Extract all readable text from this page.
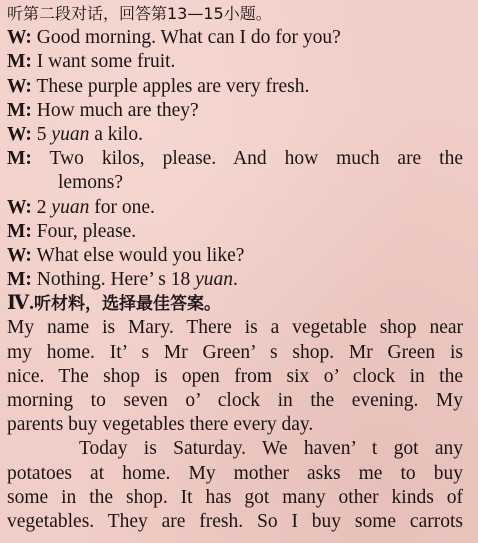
听第二段对话，回答第13—15小题。
W: Good morning. What can I do for you?
M: I want some fruit.
W: These purple apples are very fresh.
M: How much are they?
W: 5 yuan a kilo.
M: Two kilos, please. And how much are the
lemons?
W: 2 yuan for one.
M: Four, please.
W: What else would you like?
M: Nothing. Here’ s 18 yuan.
Ⅳ.听材料，选择最佳答案。
My name is Mary. There is a vegetable shop near
my home. It’ s Mr Green’ s shop. Mr Green is
nice. The shop is open from six o’ clock in the
morning to seven o’ clock in the evening. My
parents buy vegetables there every day.
Today is Saturday. We haven’ t got any
potatoes at home. My mother asks me to buy
some in the shop. It has got many other kinds of
vegetables. They are fresh. So I buy some carrots
